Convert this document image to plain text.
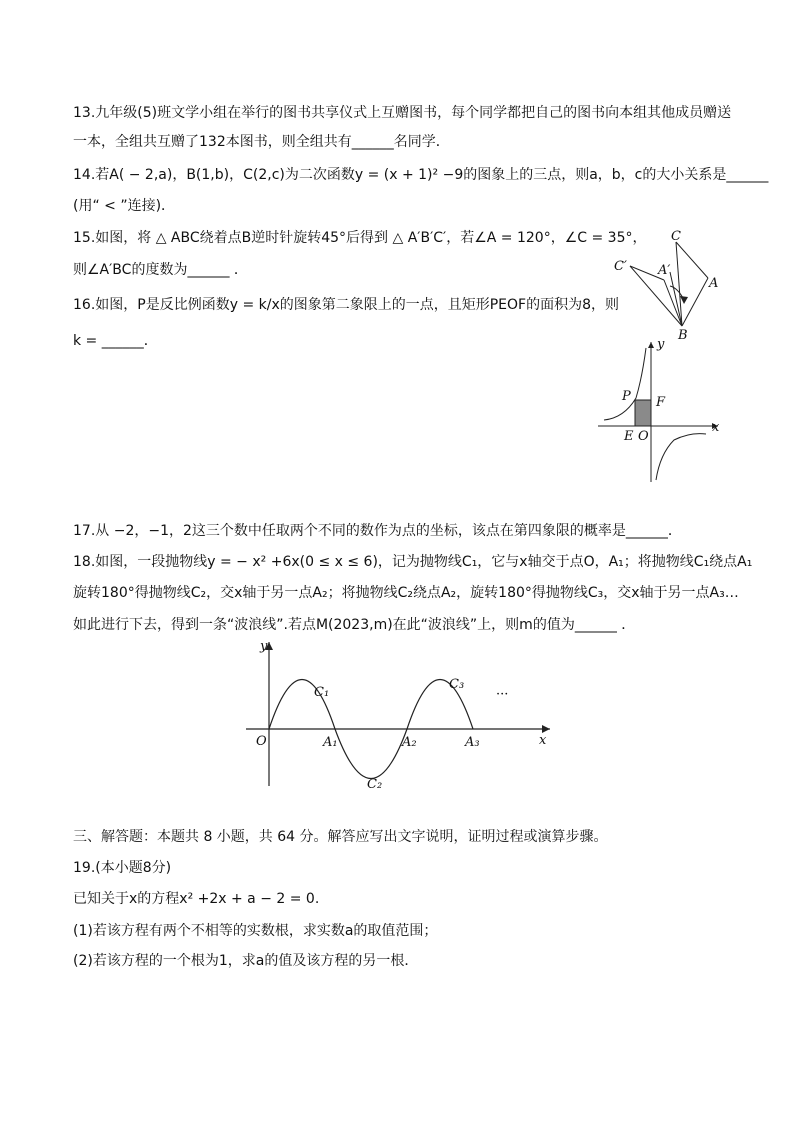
13.九年级(5)班文学小组在举行的图书共享仪式上互赠图书，每个同学都把自己的图书向本组其他成员赠送
一本，全组共互赠了132本图书，则全组共有______名同学．
14.若A( − 2,a)，B(1,b)，C(2,c)为二次函数y = (x + 1)² −9的图象上的三点，则a，b，c的大小关系是______
(用“ < ”连接)．
15.如图，将 △ ABC绕着点B逆时针旋转45°后得到 △ A′B′C′，若∠A = 120°，∠C = 35°，
则∠A′BC的度数为______ ．
16.如图，P是反比例函数y = k/x的图象第二象限上的一点，且矩形PEOF的面积为8，则
k = ______．
C
C′ A′
A
B
y
x
P F
E O
17.从 −2，−1，2这三个数中任取两个不同的数作为点的坐标，该点在第四象限的概率是______．
18.如图，一段抛物线y = − x² +6x(0 ≤ x ≤ 6)，记为抛物线C₁，它与x轴交于点O，A₁；将抛物线C₁绕点A₁
旋转180°得抛物线C₂，交x轴于另一点A₂；将抛物线C₂绕点A₂，旋转180°得抛物线C₃，交x轴于另一点A₃…
如此进行下去，得到一条“波浪线”.若点M(2023,m)在此“波浪线”上，则m的值为______ ．
y
x
O	A₁	A₂	A₃
C₁
C₂
C₃
···
三、解答题：本题共 8 小题，共 64 分。解答应写出文字说明，证明过程或演算步骤。
19.(本小题8分)
已知关于x的方程x² +2x + a − 2 = 0.
(1)若该方程有两个不相等的实数根，求实数a的取值范围；
(2)若该方程的一个根为1，求a的值及该方程的另一根．
